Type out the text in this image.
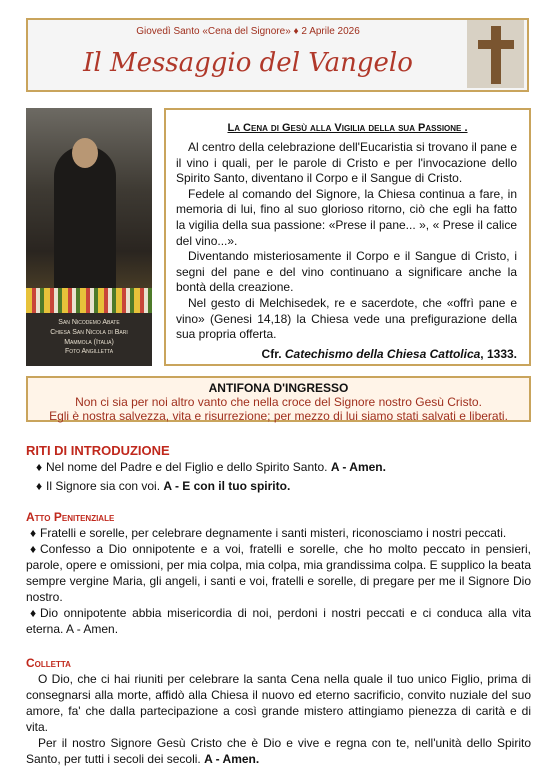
Giovedì Santo «Cena del Signore» ♦ 2 Aprile 2026
Il Messaggio del Vangelo
San Nicodemo Abate
Chiesa San Nicola di Bari
Mammola (Italia)
Foto Angilletta
La Cena di Gesù alla Vigilia della sua Passione .

Al centro della celebrazione dell'Eucaristia si trovano il pane e il vino i quali, per le parole di Cristo e per l'invocazione dello Spirito Santo, diventano il Corpo e il Sangue di Cristo.

Fedele al comando del Signore, la Chiesa continua a fare, in memoria di lui, fino al suo glorioso ritorno, ciò che egli ha fatto la vigilia della sua passione: «Prese il pane... », « Prese il calice del vino...».

Diventando misteriosamente il Corpo e il Sangue di Cristo, i segni del pane e del vino continuano a significare anche la bontà della creazione.

Nel gesto di Melchisedek, re e sacerdote, che «offrì pane e vino» (Genesi 14,18) la Chiesa vede una prefigurazione della sua propria offerta.

Cfr. Catechismo della Chiesa Cattolica, 1333.
ANTIFONA D'INGRESSO
Non ci sia per noi altro vanto che nella croce del Signore nostro Gesù Cristo.
Egli è nostra salvezza, vita e risurrezione; per mezzo di lui siamo stati salvati e liberati.
RITI DI INTRODUZIONE

♦ Nel nome del Padre e del Figlio e dello Spirito Santo. A - Amen.

♦ Il Signore sia con voi. A - E con il tuo spirito.

Atto Penitenziale

♦ Fratelli e sorelle, per celebrare degnamente i santi misteri, riconosciamo i nostri peccati.

♦ Confesso a Dio onnipotente e a voi, fratelli e sorelle, che ho molto peccato in pensieri, parole, opere e omissioni, per mia colpa, mia colpa, mia grandissima colpa. E supplico la beata sempre vergine Maria, gli angeli, i santi e voi, fratelli e sorelle, di pregare per me il Signore Dio nostro.

♦ Dio onnipotente abbia misericordia di noi, perdoni i nostri peccati e ci conduca alla vita eterna. A - Amen.

Colletta

O Dio, che ci hai riuniti per celebrare la santa Cena nella quale il tuo unico Figlio, prima di consegnarsi alla morte, affidò alla Chiesa il nuovo ed eterno sacrificio, convito nuziale del suo amore, fa' che dalla partecipazione a così grande mistero attingiamo pienezza di carità e di vita.

Per il nostro Signore Gesù Cristo che è Dio e vive e regna con te, nell'unità dello Spirito Santo, per tutti i secoli dei secoli. A - Amen.
